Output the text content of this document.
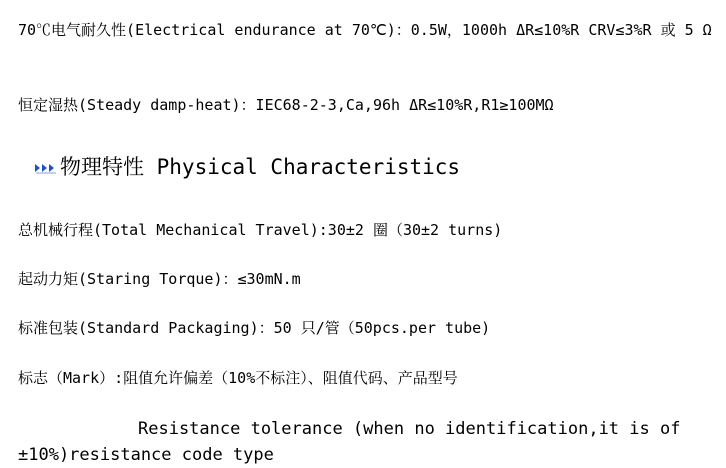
70℃电气耐久性(Electrical endurance at 70℃)：0.5W，1000h ΔR≤10%R CRV≤3%R 或 5 Ω
恒定湿热(Steady damp-heat)：IEC68-2-3,Ca,96h ΔR≤10%R,R1≥100MΩ
物理特性 Physical Characteristics
总机械行程(Total Mechanical Travel):30±2 圈（30±2 turns)
起动力矩(Staring Torque)：≤30mN.m
标准包装(Standard Packaging)：50 只/管（50pcs.per tube)
标志（Mark）:阻值允许偏差（10%不标注）、阻值代码、产品型号
Resistance tolerance (when no identification,it is of ±10%)resistance code type
